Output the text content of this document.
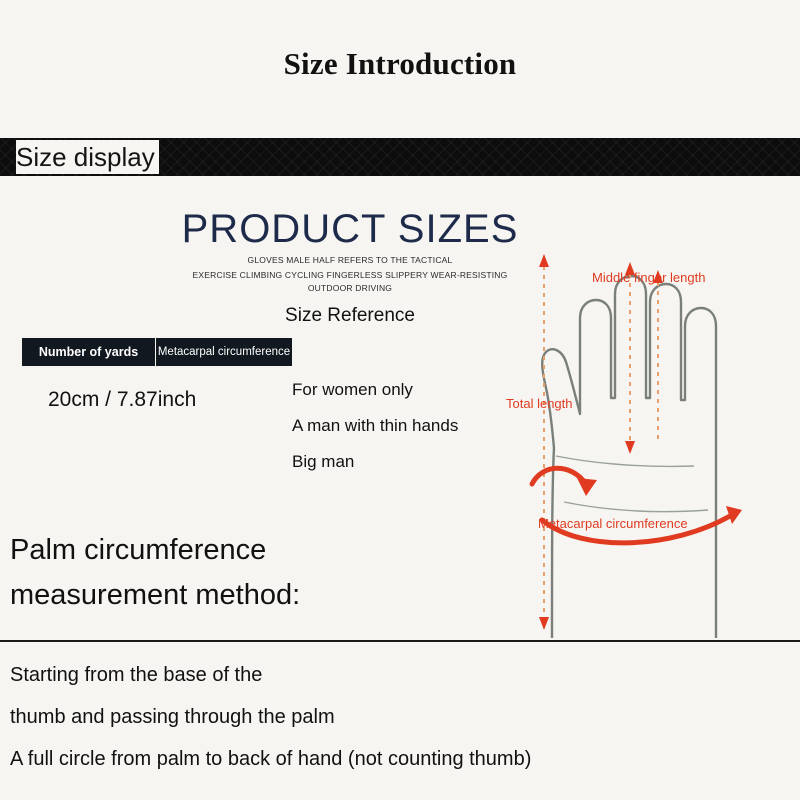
Size Introduction
Size display
PRODUCT SIZES
GLOVES MALE HALF REFERS TO THE TACTICAL
EXERCISE CLIMBING CYCLING FINGERLESS SLIPPERY WEAR-RESISTING OUTDOOR DRIVING
Size Reference
Number of yards	Metacarpal circumference
20cm / 7.87inch	For women only
A man with thin hands
Big man
Middle finger length
Total length
Metacarpal circumference
Palm circumference
measurement method:
Starting from the base of the
thumb and passing through the palm
A full circle from palm to back of hand (not counting thumb)
